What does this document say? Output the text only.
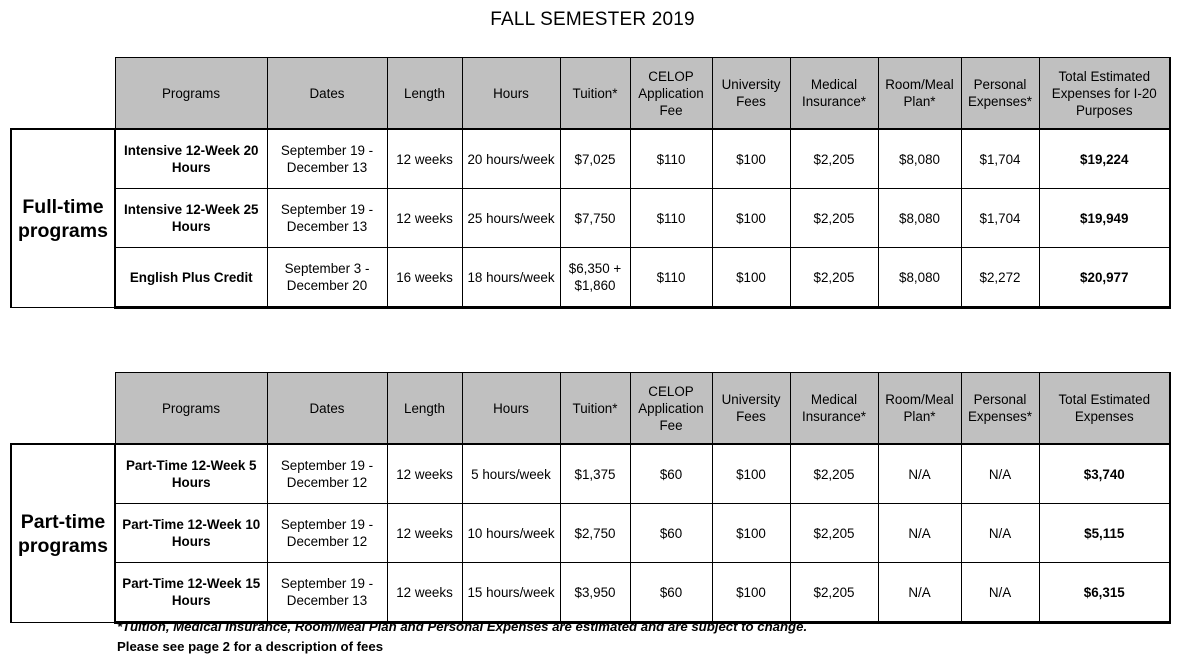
FALL SEMESTER 2019
	Programs	Dates	Length	Hours	Tuition*	CELOP Application Fee	University Fees	Medical Insurance*	Room/Meal Plan*	Personal Expenses*	Total Estimated Expenses for I-20 Purposes
Full-time
programs	Intensive 12-Week 20 Hours	September 19 - December 13	12 weeks	20 hours/week	$7,025	$110	$100	$2,205	$8,080	$1,704	$19,224
	Intensive 12-Week 25 Hours	September 19 - December 13	12 weeks	25 hours/week	$7,750	$110	$100	$2,205	$8,080	$1,704	$19,949
	English Plus Credit	September 3 - December 20	16 weeks	18 hours/week	$6,350 + $1,860	$110	$100	$2,205	$8,080	$2,272	$20,977
	Programs	Dates	Length	Hours	Tuition*	CELOP Application Fee	University Fees	Medical Insurance*	Room/Meal Plan*	Personal Expenses*	Total Estimated Expenses
Part-time
programs	Part-Time 12-Week 5 Hours	September 19 - December 12	12 weeks	5 hours/week	$1,375	$60	$100	$2,205	N/A	N/A	$3,740
	Part-Time 12-Week 10 Hours	September 19 - December 12	12 weeks	10 hours/week	$2,750	$60	$100	$2,205	N/A	N/A	$5,115
	Part-Time 12-Week 15 Hours	September 19 - December 13	12 weeks	15 hours/week	$3,950	$60	$100	$2,205	N/A	N/A	$6,315
*Tuition, Medical Insurance, Room/Meal Plan and Personal Expenses are estimated and are subject to change.
Please see page 2 for a description of fees
